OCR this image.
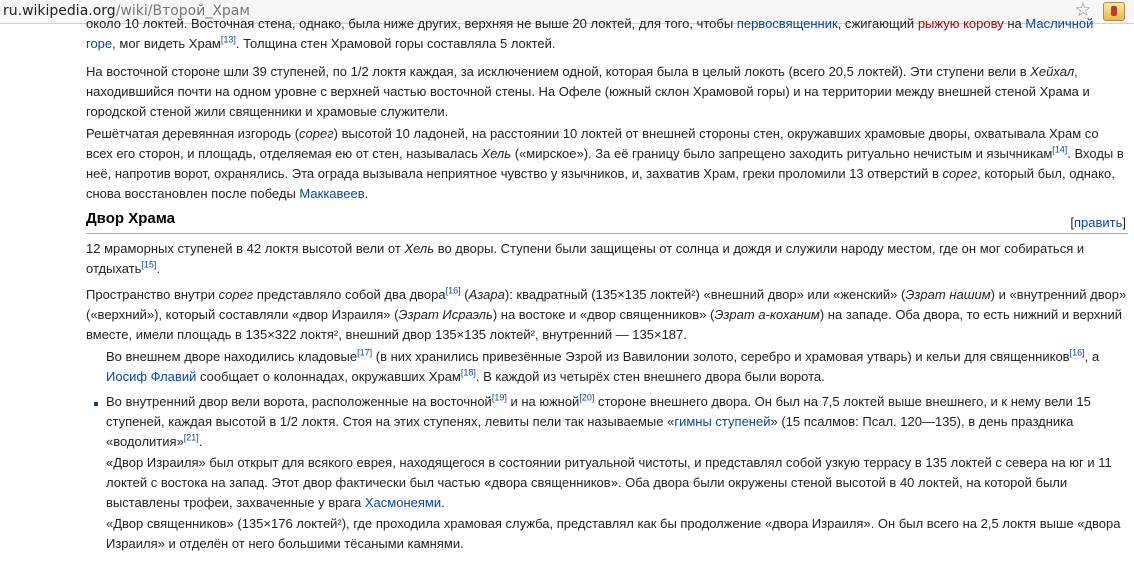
ru.wikipedia.org/wiki/Второй_Храм	☆

около 10 локтей. Восточная стена, однако, была ниже других, верхняя не выше 20 локтей, для того, чтобы первосвященник, сжигающий рыжую корову на Масличной
горе, мог видеть Храм[13]. Толщина стен Храмовой горы составляла 5 локтей.

На восточной стороне шли 39 ступеней, по 1/2 локтя каждая, за исключением одной, которая была в целый локоть (всего 20,5 локтей). Эти ступени вели в Хейхал, находившийся почти на одном уровне с верхней частью восточной стены. На Офеле (южный склон Храмовой горы) и на территории между внешней стеной Храма и городской стеной жили священники и храмовые служители.

Решётчатая деревянная изгородь (сорег) высотой 10 ладоней, на расстоянии 10 локтей от внешней стороны стен, окружавших храмовые дворы, охватывала Храм со всех его сторон, и площадь, отделяемая ею от стен, называлась Хель («мирское»). За её границу было запрещено заходить ритуально нечистым и язычникам[14]. Входы в неё, напротив ворот, охранялись. Эта ограда вызывала неприятное чувство у язычников, и, захватив Храм, греки проломили 13 отверстий в сорег, который был, однако, снова восстановлен после победы Маккавеев.

Двор Храма	[править]

12 мраморных ступеней в 42 локтя высотой вели от Хель во дворы. Ступени были защищены от солнца и дождя и служили народу местом, где он мог собираться и отдыхать[15].

Пространство внутри сорег представляло собой два двора[16] (Азара): квадратный (135×135 локтей²) «внешний двор» или «женский» (Эзрат нашим) и «внутренний двор» («верхний»), который составляли «двор Израиля» (Эзрат Исраэль) на востоке и «двор священников» (Эзрат а-коханим) на западе. Оба двора, то есть нижний и верхний вместе, имели площадь в 135×322 локтя², внешний двор 135×135 локтей², внутренний — 135×187.

Во внешнем дворе находились кладовые[17] (в них хранились привезённые Эзрой из Вавилонии золото, серебро и храмовая утварь) и кельи для священников[16], а Иосиф Флавий сообщает о колоннадах, окружавших Храм[18]. В каждой из четырёх стен внешнего двора были ворота.

Во внутренний двор вели ворота, расположенные на восточной[19] и на южной[20] стороне внешнего двора. Он был на 7,5 локтей выше внешнего, и к нему вели 15 ступеней, каждая высотой в 1/2 локтя. Стоя на этих ступенях, левиты пели так называемые «гимны ступеней» (15 псалмов: Псал. 120—135), в день праздника «водолития»[21].

«Двор Израиля» был открыт для всякого еврея, находящегося в состоянии ритуальной чистоты, и представлял собой узкую террасу в 135 локтей с севера на юг и 11 локтей с востока на запад. Этот двор фактически был частью «двора священников». Оба двора были окружены стеной высотой в 40 локтей, на которой были выставлены трофеи, захваченные у врага Хасмонеями.

«Двор священников» (135×176 локтей²), где проходила храмовая служба, представлял как бы продолжение «двора Израиля». Он был всего на 2,5 локтя выше «двора Израиля» и отделён от него большими тёсаными камнями.
